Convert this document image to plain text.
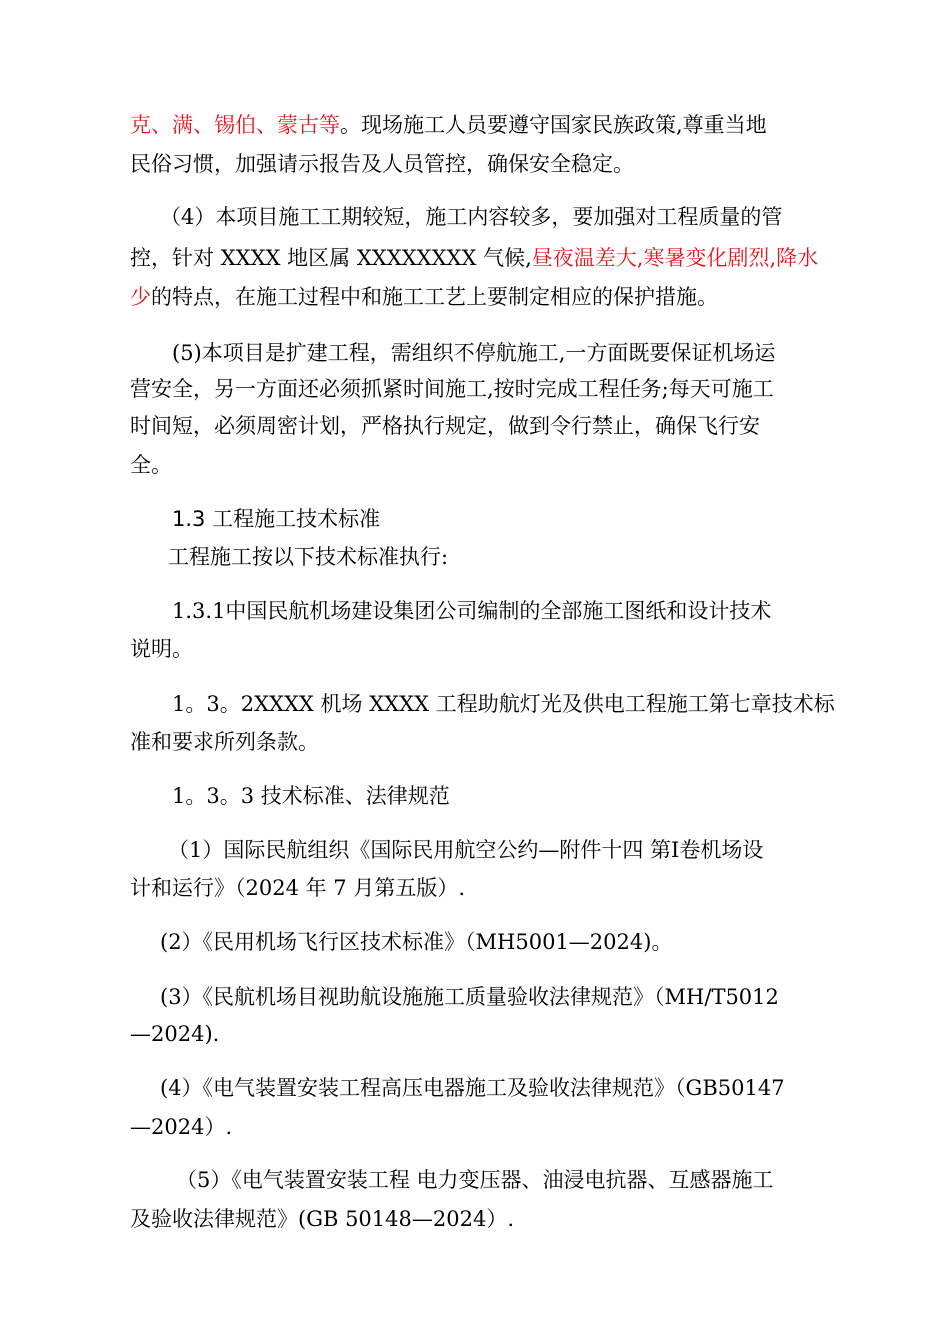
克、满、锡伯、蒙古等。现场施工人员要遵守国家民族政策,尊重当地
民俗习惯，加强请示报告及人员管控，确保安全稳定。
（4）本项目施工工期较短，施工内容较多，要加强对工程质量的管
控，针对 XXXX 地区属 XXXXXXXX 气候,昼夜温差大,寒暑变化剧烈,降水
少的特点，在施工过程中和施工工艺上要制定相应的保护措施。
(5)本项目是扩建工程，需组织不停航施工,一方面既要保证机场运
营安全，另一方面还必须抓紧时间施工,按时完成工程任务;每天可施工
时间短，必须周密计划，严格执行规定，做到令行禁止，确保飞行安
全。
1.3 工程施工技术标准
工程施工按以下技术标准执行:
1.3.1中国民航机场建设集团公司编制的全部施工图纸和设计技术
说明。
1。3。2XXXX 机场 XXXX 工程助航灯光及供电工程施工第七章技术标
准和要求所列条款。
1。3。3 技术标准、法律规范
（1）国际民航组织《国际民用航空公约—附件十四 第Ⅰ卷机场设
计和运行》（2024 年 7 月第五版）.
(2）《民用机场飞行区技术标准》（MH5001—2024)。
(3）《民航机场目视助航设施施工质量验收法律规范》（MH/T5012
—2024).
(4）《电气装置安装工程高压电器施工及验收法律规范》（GB50147
—2024）.
（5）《电气装置安装工程 电力变压器、油浸电抗器、互感器施工
及验收法律规范》(GB 50148—2024）.
